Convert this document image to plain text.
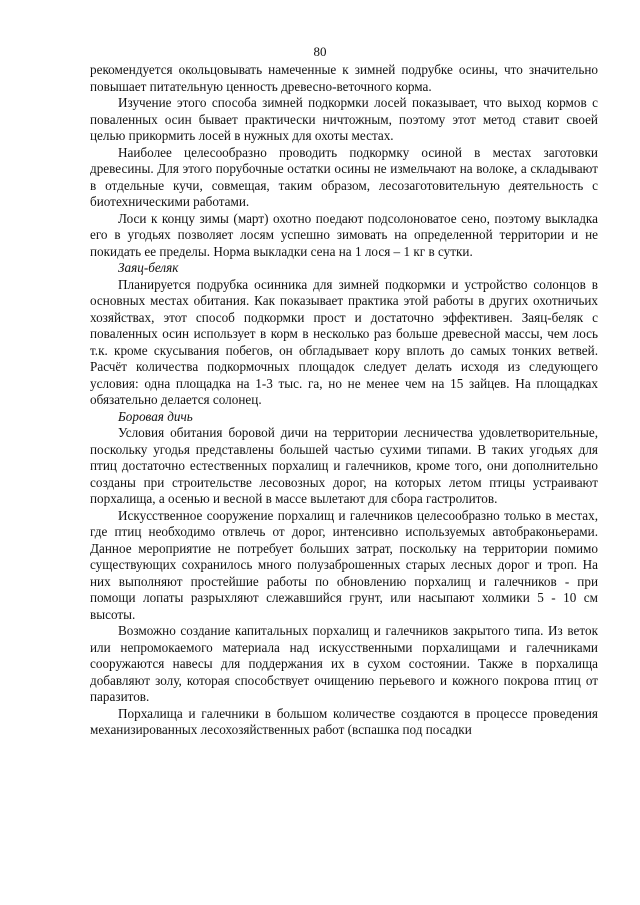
80

рекомендуется окольцовывать намеченные к зимней подрубке осины, что значительно повышает питательную ценность древесно-веточного корма.

Изучение этого способа зимней подкормки лосей показывает, что выход кормов с поваленных осин бывает практически ничтожным, поэтому этот метод ставит своей целью прикормить лосей в нужных для охоты местах.

Наиболее целесообразно проводить подкормку осиной в местах заготовки древесины. Для этого порубочные остатки осины не измельчают на волоке, а складывают в отдельные кучи, совмещая, таким образом, лесозаготовительную деятельность с биотехническими работами.

Лоси к концу зимы (март) охотно поедают подсолоноватое сено, поэтому выкладка его в угодьях позволяет лосям успешно зимовать на определенной территории и не покидать ее пределы. Норма выкладки сена на 1 лося – 1 кг в сутки.

Заяц-беляк

Планируется подрубка осинника для зимней подкормки и устройство солонцов в основных местах обитания. Как показывает практика этой работы в других охотничьих хозяйствах, этот способ подкормки прост и достаточно эффективен. Заяц-беляк с поваленных осин использует в корм в несколько раз больше древесной массы, чем лось т.к. кроме скусывания побегов, он обгладывает кору вплоть до самых тонких ветвей. Расчёт количества подкормочных площадок следует делать исходя из следующего условия: одна площадка на 1-3 тыс. га, но не менее чем на 15 зайцев. На площадках обязательно делается солонец.

Боровая дичь

Условия обитания боровой дичи на территории лесничества удовлетворительные, поскольку угодья представлены большей частью сухими типами. В таких угодьях для птиц достаточно естественных порхалищ и галечников, кроме того, они дополнительно созданы при строительстве лесовозных дорог, на которых летом птицы устраивают порхалища, а осенью и весной в массе вылетают для сбора гастролитов.

Искусственное сооружение порхалищ и галечников целесообразно только в местах, где птиц необходимо отвлечь от дорог, интенсивно используемых автобраконьерами. Данное мероприятие не потребует больших затрат, поскольку на территории помимо существующих сохранилось много полузаброшенных старых лесных дорог и троп. На них выполняют простейшие работы по обновлению порхалищ и галечников - при помощи лопаты разрыхляют слежавшийся грунт, или насыпают холмики 5 - 10 см высоты.

Возможно создание капитальных порхалищ и галечников закрытого типа. Из веток или непромокаемого материала над искусственными порхалищами и галечниками сооружаются навесы для поддержания их в сухом состоянии. Также в порхалища добавляют золу, которая способствует очищению перьевого и кожного покрова птиц от паразитов.

Порхалища и галечники в большом количестве создаются в процессе проведения механизированных лесохозяйственных работ (вспашка под посадки
